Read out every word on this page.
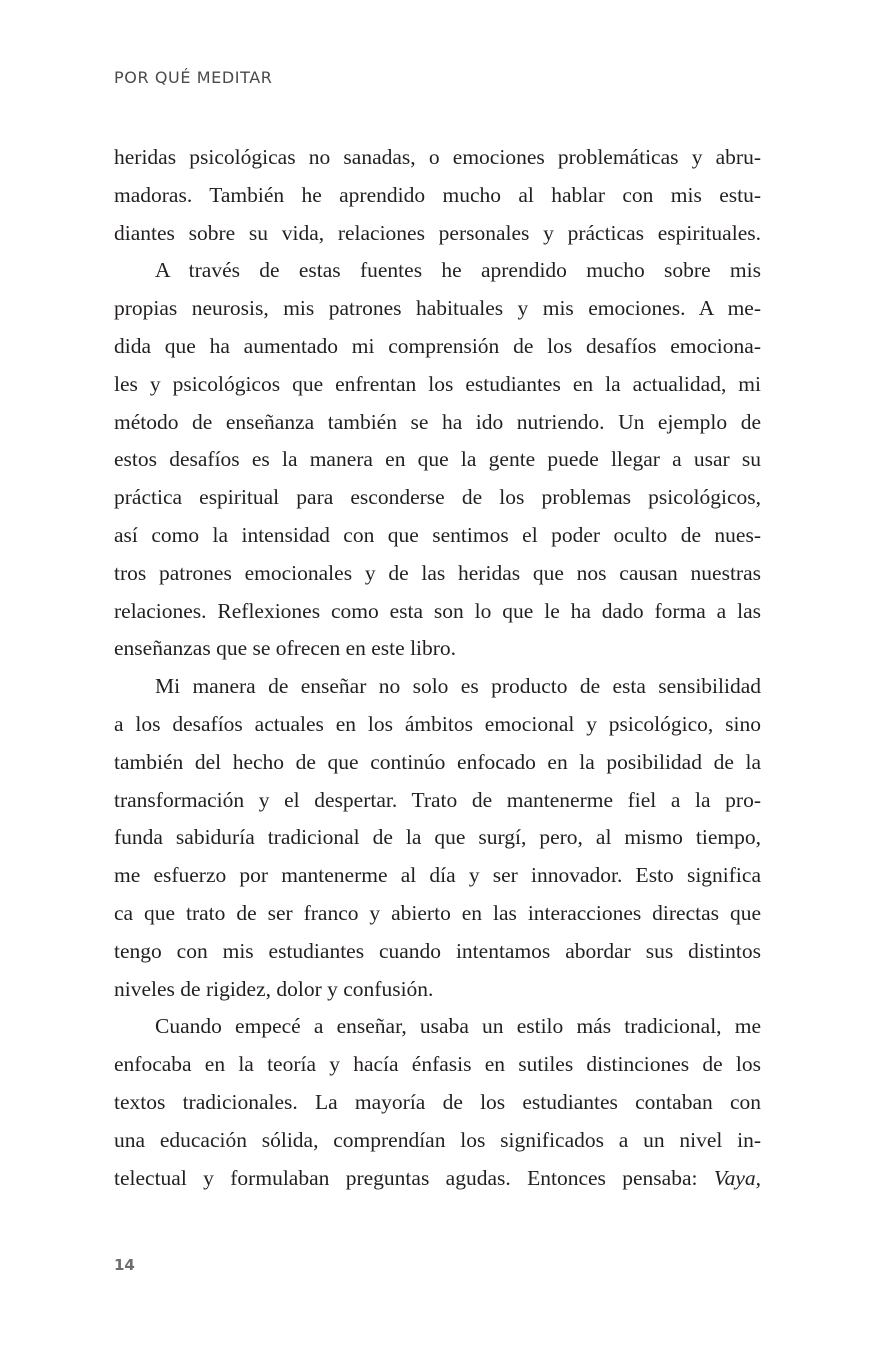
POR QUÉ MEDITAR
heridas psicológicas no sanadas, o emociones problemáticas y abru-
madoras. También he aprendido mucho al hablar con mis estu-
diantes sobre su vida, relaciones personales y prácticas espirituales.
A través de estas fuentes he aprendido mucho sobre mis
propias neurosis, mis patrones habituales y mis emociones. A me-
dida que ha aumentado mi comprensión de los desafíos emociona-
les y psicológicos que enfrentan los estudiantes en la actualidad, mi
método de enseñanza también se ha ido nutriendo. Un ejemplo de
estos desafíos es la manera en que la gente puede llegar a usar su
práctica espiritual para esconderse de los problemas psicológicos,
así como la intensidad con que sentimos el poder oculto de nues-
tros patrones emocionales y de las heridas que nos causan nuestras
relaciones. Reflexiones como esta son lo que le ha dado forma a las
enseñanzas que se ofrecen en este libro.
Mi manera de enseñar no solo es producto de esta sensibilidad
a los desafíos actuales en los ámbitos emocional y psicológico, sino
también del hecho de que continúo enfocado en la posibilidad de la
transformación y el despertar. Trato de mantenerme fiel a la pro-
funda sabiduría tradicional de la que surgí, pero, al mismo tiempo,
me esfuerzo por mantenerme al día y ser innovador. Esto significa
ca que trato de ser franco y abierto en las interacciones directas que
tengo con mis estudiantes cuando intentamos abordar sus distintos
niveles de rigidez, dolor y confusión.
Cuando empecé a enseñar, usaba un estilo más tradicional, me
enfocaba en la teoría y hacía énfasis en sutiles distinciones de los
textos tradicionales. La mayoría de los estudiantes contaban con
una educación sólida, comprendían los significados a un nivel in-
telectual y formulaban preguntas agudas. Entonces pensaba: Vaya,
14
